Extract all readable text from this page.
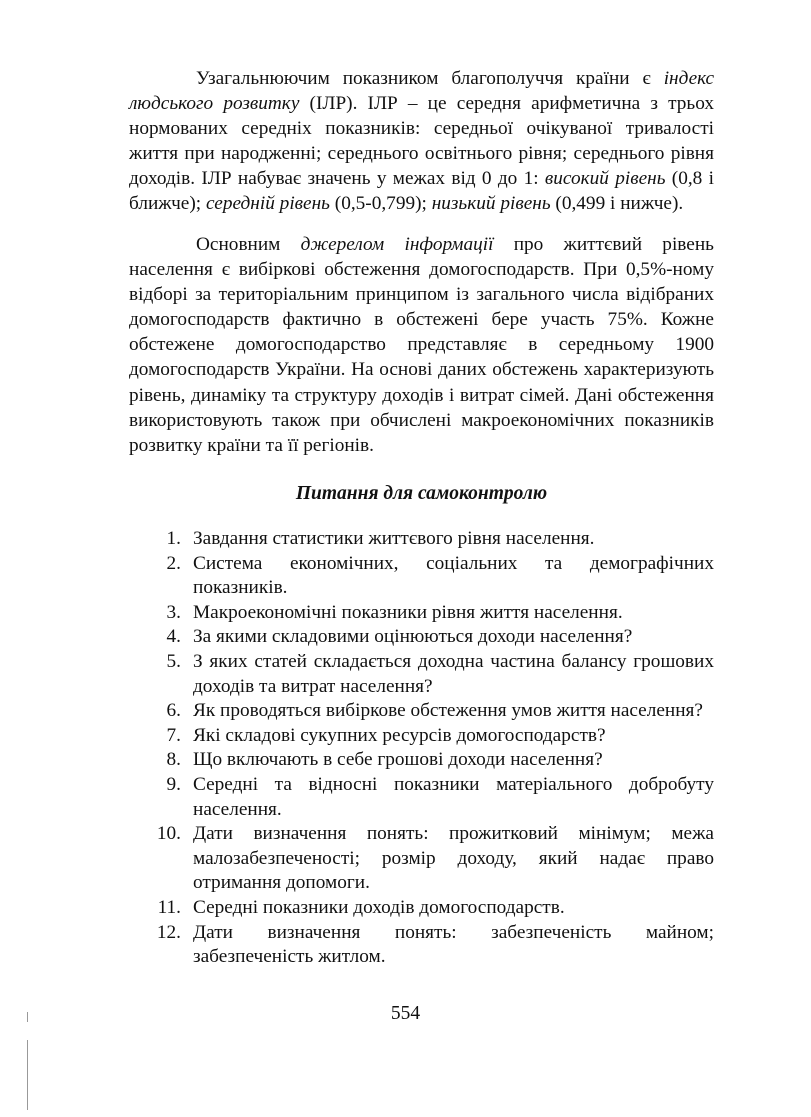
Узагальнюючим показником благополуччя країни є індекс людського розвитку (ІЛР). ІЛР – це середня арифметична з трьох нормованих середніх показників: середньої очікуваної тривалості життя при народженні; середнього освітнього рівня; середнього рівня доходів. ІЛР набуває значень у межах від 0 до 1: високий рівень (0,8 і ближче); середній рівень (0,5-0,799); низький рівень (0,499 і нижче).

Основним джерелом інформації про життєвий рівень населення є вибіркові обстеження домогосподарств. При 0,5%-ному відборі за територіальним принципом із загального числа відібраних домогосподарств фактично в обстежені бере участь 75%. Кожне обстежене домогосподарство представляє в середньому 1900 домогосподарств України. На основі даних обстежень характеризують рівень, динаміку та структуру доходів і витрат сімей. Дані обстеження використовують також при обчислені макроекономічних показників розвитку країни та її регіонів.

Питання для самоконтролю
1. Завдання статистики життєвого рівня населення.
2. Система економічних, соціальних та демографічних показників.
3. Макроекономічні показники рівня життя населення.
4. За якими складовими оцінюються доходи населення?
5. З яких статей складається доходна частина балансу грошових доходів та витрат населення?
6. Як проводяться вибіркове обстеження умов життя населення?
7. Які складові сукупних ресурсів домогосподарств?
8. Що включають в себе грошові доходи населення?
9. Середні та відносні показники матеріального добробуту населення.
10. Дати визначення понять: прожитковий мінімум; межа малозабезпеченості; розмір доходу, який надає право отримання допомоги.
11. Середні показники доходів домогосподарств.
12. Дати визначення понять: забезпеченість майном; забезпеченість житлом.
554
